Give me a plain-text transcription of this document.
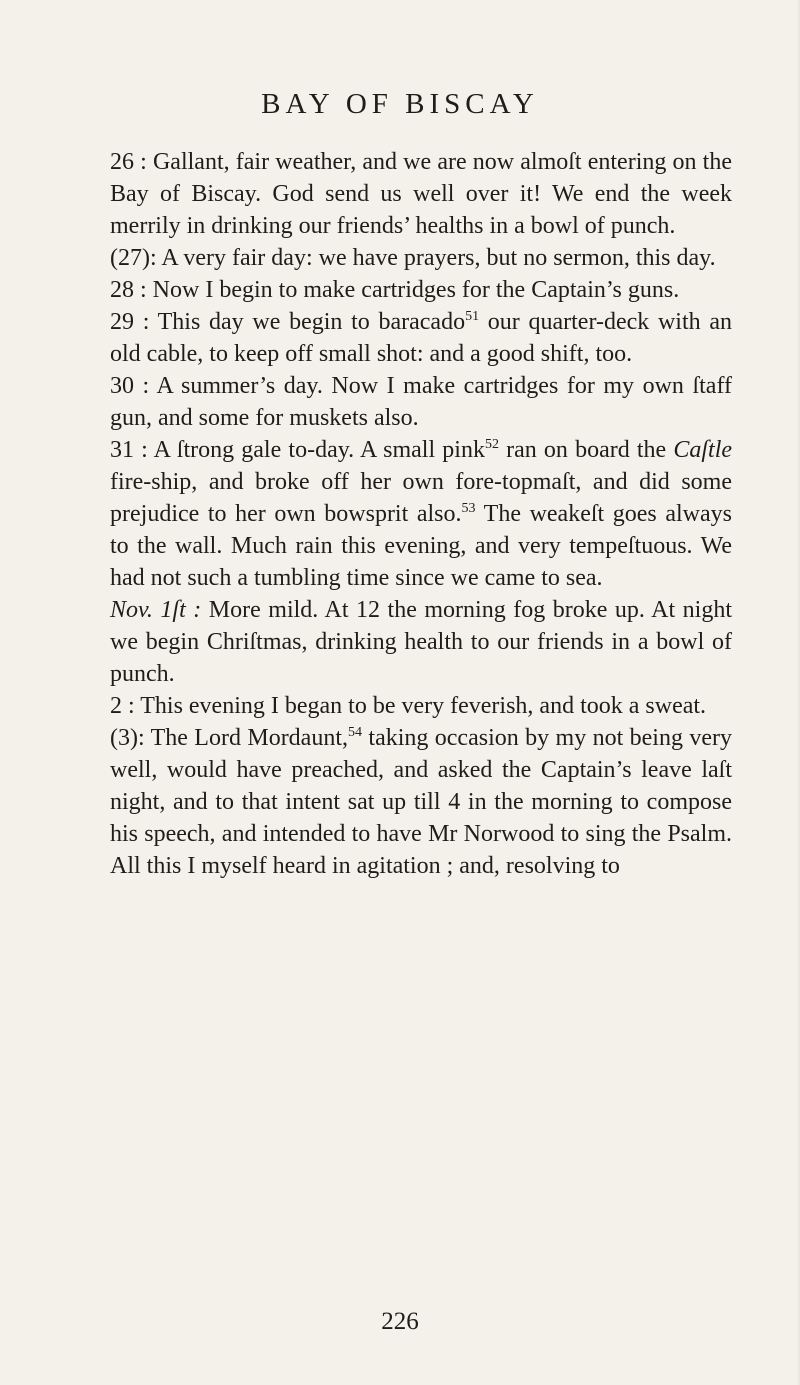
BAY OF BISCAY

26 : Gallant, fair weather, and we are now almoſt entering on the Bay of Biscay. God send us well over it! We end the week merrily in drinking our friends’ healths in a bowl of punch.

(27): A very fair day: we have prayers, but no sermon, this day.

28 : Now I begin to make cartridges for the Captain’s guns.

29 : This day we begin to baracado$^{51}$ our quarter-deck with an old cable, to keep off small shot: and a good shift, too.

30 : A summer’s day. Now I make cartridges for my own ſtaff gun, and some for muskets also.

31 : A ſtrong gale to-day. A small pink$^{52}$ ran on board the Caſtle fire-ship, and broke off her own fore-topmaſt, and did some prejudice to her own bowsprit also.$^{53}$ The weakeſt goes always to the wall. Much rain this evening, and very tempeſtuous. We had not such a tumbling time since we came to sea.

Nov. 1ſt : More mild. At 12 the morning fog broke up. At night we begin Chriſtmas, drinking health to our friends in a bowl of punch.

2 : This evening I began to be very feverish, and took a sweat.

(3): The Lord Mordaunt,$^{54}$ taking occasion by my not being very well, would have preached, and asked the Captain’s leave laſt night, and to that intent sat up till 4 in the morning to compose his speech, and intended to have Mr Norwood to sing the Psalm. All this I myself heard in agitation ; and, resolving to

226
